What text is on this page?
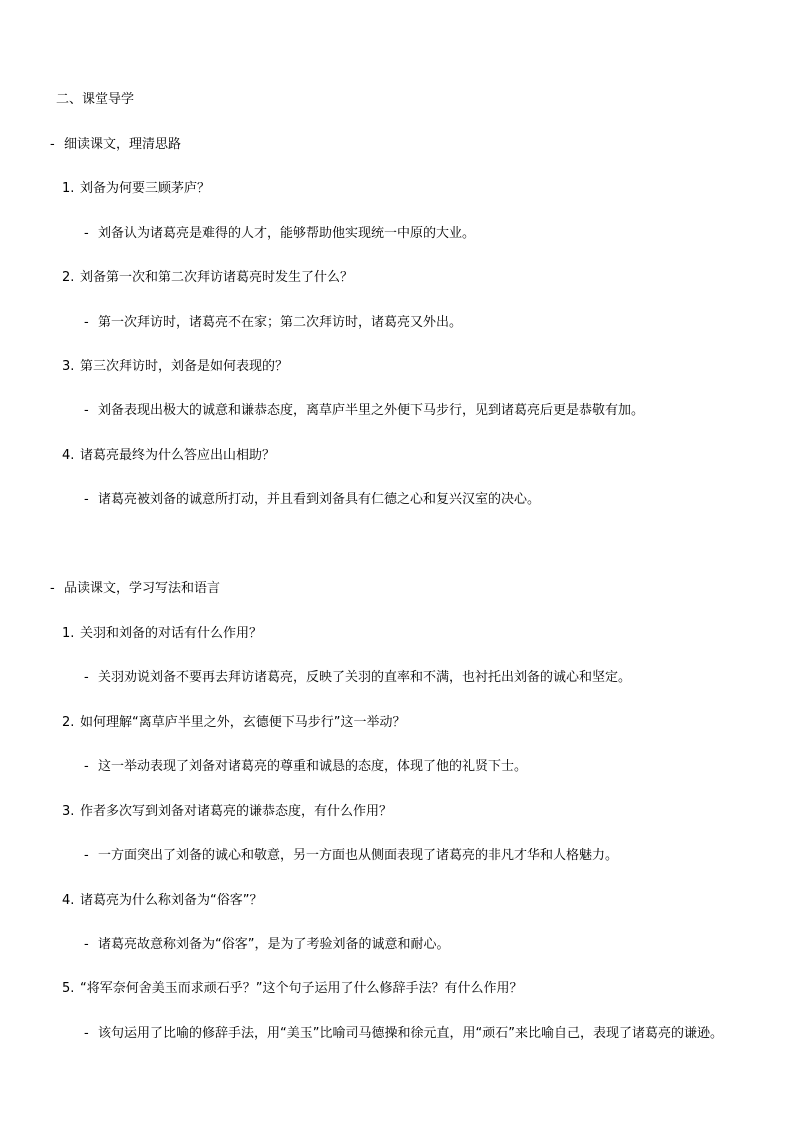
二、课堂导学
- 细读课文，理清思路
1. 刘备为何要三顾茅庐？
- 刘备认为诸葛亮是难得的人才，能够帮助他实现统一中原的大业。
2. 刘备第一次和第二次拜访诸葛亮时发生了什么？
- 第一次拜访时，诸葛亮不在家；第二次拜访时，诸葛亮又外出。
3. 第三次拜访时，刘备是如何表现的？
- 刘备表现出极大的诚意和谦恭态度，离草庐半里之外便下马步行，见到诸葛亮后更是恭敬有加。
4. 诸葛亮最终为什么答应出山相助？
- 诸葛亮被刘备的诚意所打动，并且看到刘备具有仁德之心和复兴汉室的决心。
- 品读课文，学习写法和语言
1. 关羽和刘备的对话有什么作用？
- 关羽劝说刘备不要再去拜访诸葛亮，反映了关羽的直率和不满，也衬托出刘备的诚心和坚定。
2. 如何理解“离草庐半里之外，玄德便下马步行”这一举动？
- 这一举动表现了刘备对诸葛亮的尊重和诚恳的态度，体现了他的礼贤下士。
3. 作者多次写到刘备对诸葛亮的谦恭态度，有什么作用？
- 一方面突出了刘备的诚心和敬意，另一方面也从侧面表现了诸葛亮的非凡才华和人格魅力。
4. 诸葛亮为什么称刘备为“俗客”？
- 诸葛亮故意称刘备为“俗客”，是为了考验刘备的诚意和耐心。
5. “将军奈何舍美玉而求顽石乎？”这个句子运用了什么修辞手法？有什么作用？
- 该句运用了比喻的修辞手法，用“美玉”比喻司马德操和徐元直，用“顽石”来比喻自己，表现了诸葛亮的谦逊。
